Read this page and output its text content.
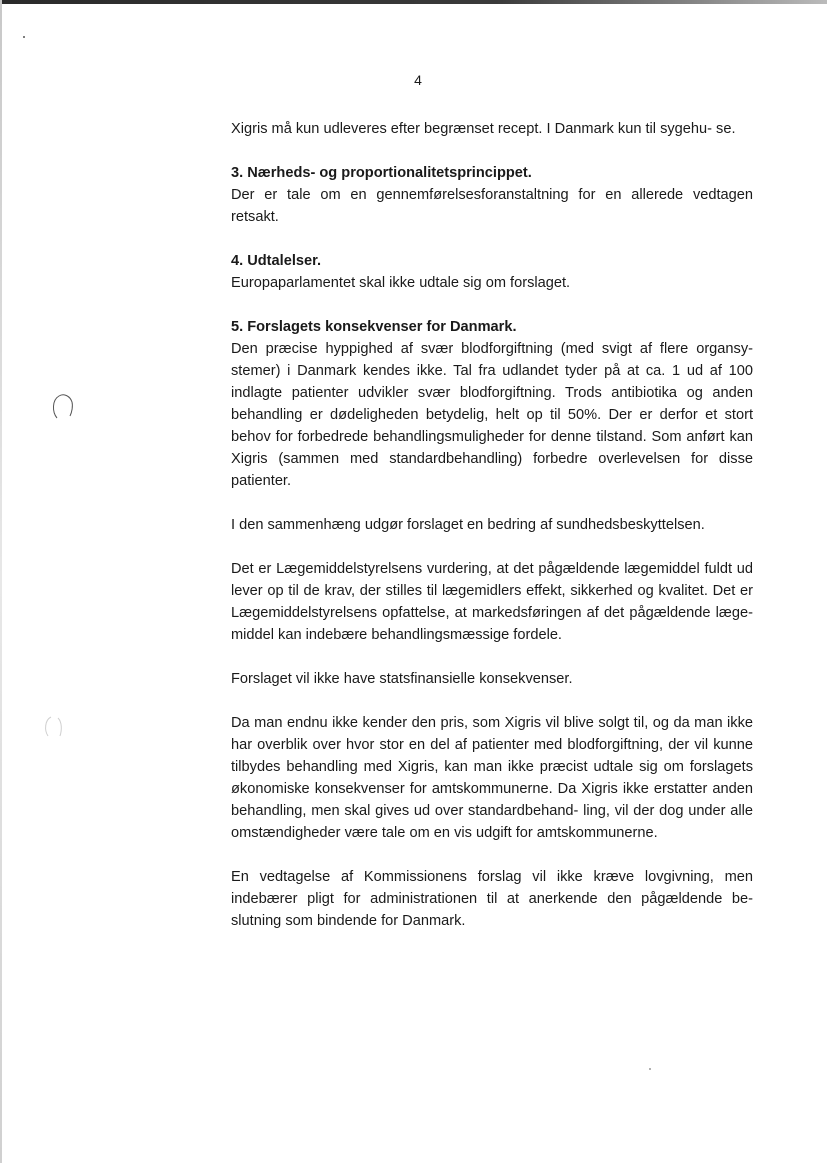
4

Xigris må kun udleveres efter begrænset recept. I Danmark kun til sygehu- se.

3. Nærheds- og proportionalitetsprincippet.

Der er tale om en gennemførelsesforanstaltning for en allerede vedtagen retsakt.

4. Udtalelser.

Europaparlamentet skal ikke udtale sig om forslaget.

5. Forslagets konsekvenser for Danmark.

Den præcise hyppighed af svær blodforgiftning (med svigt af flere organsy- stemer) i Danmark kendes ikke. Tal fra udlandet tyder på at ca. 1 ud af 100 indlagte patienter udvikler svær blodforgiftning. Trods antibiotika og anden behandling er dødeligheden betydelig, helt op til 50%. Der er derfor et stort behov for forbedrede behandlingsmuligheder for denne tilstand. Som anført kan Xigris (sammen med standardbehandling) forbedre overlevelsen for disse patienter.

I den sammenhæng udgør forslaget en bedring af sundhedsbeskyttelsen.

Det er Lægemiddelstyrelsens vurdering, at det pågældende lægemiddel fuldt ud lever op til de krav, der stilles til lægemidlers effekt, sikkerhed og kvalitet. Det er Lægemiddelstyrelsens opfattelse, at markedsføringen af det pågældende læge-middel kan indebære behandlingsmæssige fordele.

Forslaget vil ikke have statsfinansielle konsekvenser.

Da man endnu ikke kender den pris, som Xigris vil blive solgt til, og da man ikke har overblik over hvor stor en del af patienter med blodforgiftning, der vil kunne tilbydes behandling med Xigris, kan man ikke præcist udtale sig om forslagets økonomiske konsekvenser for amtskommunerne. Da Xigris ikke erstatter anden behandling, men skal gives ud over standardbehand- ling, vil der dog under alle omstændigheder være tale om en vis udgift for amtskommunerne.

En vedtagelse af Kommissionens forslag vil ikke kræve lovgivning, men indebærer pligt for administrationen til at anerkende den pågældende be- slutning som bindende for Danmark.
